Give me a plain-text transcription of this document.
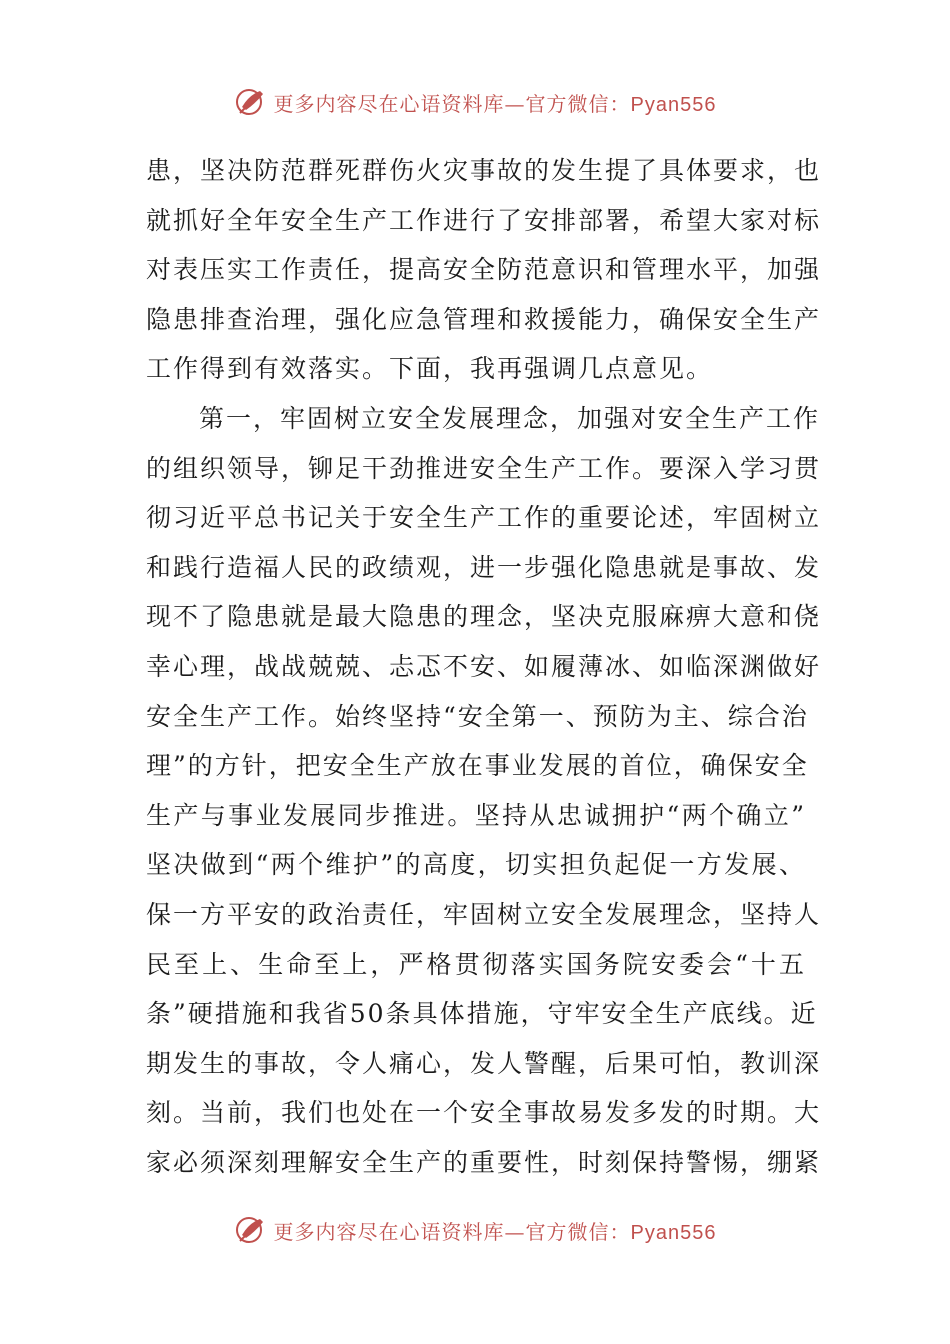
更多内容尽在心语资料库—官方微信：Pyan556
患，坚决防范群死群伤火灾事故的发生提了具体要求，也
就抓好全年安全生产工作进行了安排部署，希望大家对标
对表压实工作责任，提高安全防范意识和管理水平，加强
隐患排查治理，强化应急管理和救援能力，确保安全生产
工作得到有效落实。下面，我再强调几点意见。
第一，牢固树立安全发展理念，加强对安全生产工作
的组织领导，铆足干劲推进安全生产工作。要深入学习贯
彻习近平总书记关于安全生产工作的重要论述，牢固树立
和践行造福人民的政绩观，进一步强化隐患就是事故、发
现不了隐患就是最大隐患的理念，坚决克服麻痹大意和侥
幸心理，战战兢兢、忐忑不安、如履薄冰、如临深渊做好
安全生产工作。始终坚持“安全第一、预防为主、综合治
理”的方针，把安全生产放在事业发展的首位，确保安全
生产与事业发展同步推进。坚持从忠诚拥护“两个确立”
坚决做到“两个维护”的高度，切实担负起促一方发展、
保一方平安的政治责任，牢固树立安全发展理念，坚持人
民至上、生命至上，严格贯彻落实国务院安委会“十五
条”硬措施和我省50条具体措施，守牢安全生产底线。近
期发生的事故，令人痛心，发人警醒，后果可怕，教训深
刻。当前，我们也处在一个安全事故易发多发的时期。大
家必须深刻理解安全生产的重要性，时刻保持警惕，绷紧
更多内容尽在心语资料库—官方微信：Pyan556
